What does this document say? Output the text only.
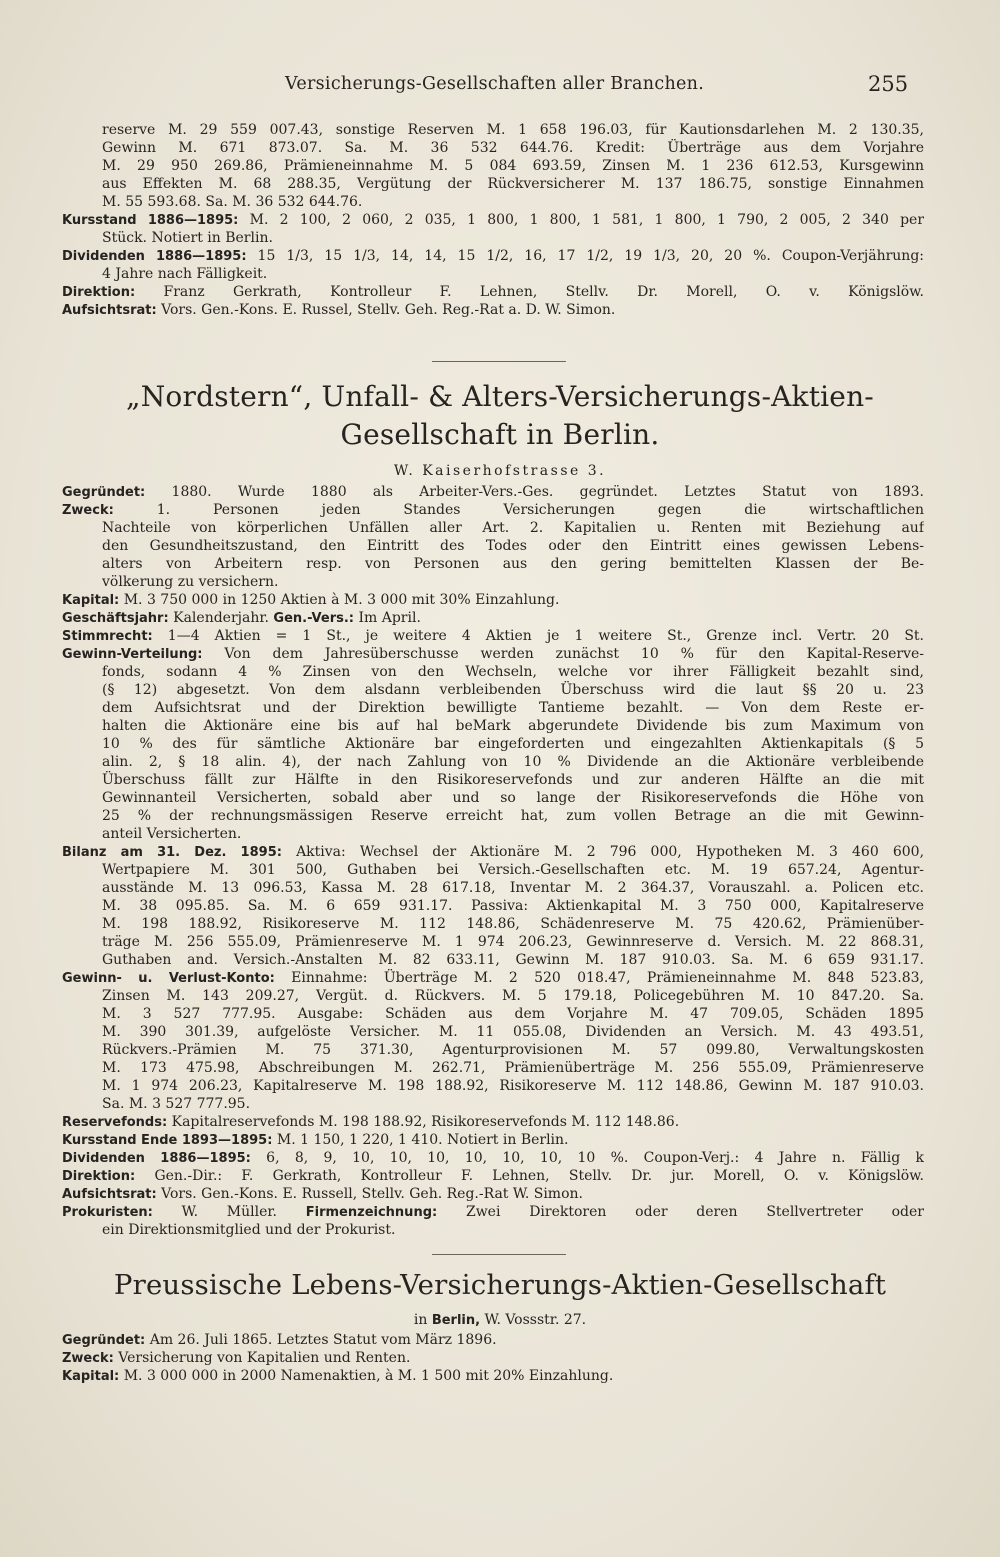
Versicherungs-Gesellschaften aller Branchen.	255
reserve M. 29 559 007.43, sonstige Reserven M. 1 658 196.03, für Kautionsdarlehen M. 2 130.35,
Gewinn M. 671 873.07. Sa. M. 36 532 644.76. Kredit: Überträge aus dem Vorjahre
M. 29 950 269.86, Prämieneinnahme M. 5 084 693.59, Zinsen M. 1 236 612.53, Kursgewinn
aus Effekten M. 68 288.35, Vergütung der Rückversicherer M. 137 186.75, sonstige Einnahmen
M. 55 593.68. Sa. M. 36 532 644.76.
Kursstand 1886—1895: M. 2 100, 2 060, 2 035, 1 800, 1 800, 1 581, 1 800, 1 790, 2 005, 2 340 per
Stück. Notiert in Berlin.
Dividenden 1886—1895: 15 1/3, 15 1/3, 14, 14, 15 1/2, 16, 17 1/2, 19 1/3, 20, 20 %. Coupon-Verjährung:
4 Jahre nach Fälligkeit.
Direktion: Franz Gerkrath, Kontrolleur F. Lehnen, Stellv. Dr. Morell, O. v. Königslöw.
Aufsichtsrat: Vors. Gen.-Kons. E. Russel, Stellv. Geh. Reg.-Rat a. D. W. Simon.
„Nordstern“, Unfall- & Alters-Versicherungs-Aktien-
Gesellschaft in Berlin.
W. Kaiserhofstrasse 3.
Gegründet: 1880. Wurde 1880 als Arbeiter-Vers.-Ges. gegründet. Letztes Statut von 1893.
Zweck:	1. Personen jeden Standes Versicherungen gegen die wirtschaftlichen
Nachteile von körperlichen Unfällen aller Art. 2. Kapitalien u. Renten mit Beziehung auf
den Gesundheitszustand, den Eintritt des Todes oder den Eintritt eines gewissen Lebens-
alters von Arbeitern resp. von Personen aus den gering bemittelten Klassen der Be-
völkerung zu versichern.
Kapital: M. 3 750 000 in 1250 Aktien à M. 3 000 mit 30% Einzahlung.
Geschäftsjahr: Kalenderjahr. Gen.-Vers.: Im April.
Stimmrecht: 1—4 Aktien = 1 St., je weitere 4 Aktien je 1 weitere St., Grenze incl. Vertr. 20 St.
Gewinn-Verteilung: Von dem Jahresüberschusse werden zunächst 10 % für den Kapital-Reserve-
fonds, sodann 4 % Zinsen von den Wechseln, welche vor ihrer Fälligkeit bezahlt sind,
(§ 12) abgesetzt. Von dem alsdann verbleibenden Überschuss wird die laut §§ 20 u. 23
dem Aufsichtsrat und der Direktion bewilligte Tantieme bezahlt. — Von dem Reste er-
halten die Aktionäre eine bis auf hal beMark abgerundete Dividende bis zum Maximum von
10 % des für sämtliche Aktionäre bar eingeforderten und eingezahlten Aktienkapitals (§ 5
alin. 2, § 18 alin. 4), der nach Zahlung von 10 % Dividende an die Aktionäre verbleibende
Überschuss fällt zur Hälfte in den Risikoreservefonds und zur anderen Hälfte an die mit
Gewinnanteil Versicherten, sobald aber und so lange der Risikoreservefonds die Höhe von
25 % der rechnungsmässigen Reserve erreicht hat, zum vollen Betrage an die mit Gewinn-
anteil Versicherten.
Bilanz am 31. Dez. 1895: Aktiva: Wechsel der Aktionäre M. 2 796 000, Hypotheken M. 3 460 600,
Wertpapiere M. 301 500, Guthaben bei Versich.-Gesellschaften etc. M. 19 657.24, Agentur-
ausstände M. 13 096.53, Kassa M. 28 617.18, Inventar M. 2 364.37, Vorauszahl. a. Policen etc.
M. 38 095.85. Sa. M. 6 659 931.17. Passiva: Aktienkapital M. 3 750 000, Kapitalreserve
M. 198 188.92, Risikoreserve M. 112 148.86, Schädenreserve M. 75 420.62, Prämienüber-
träge M. 256 555.09, Prämienreserve M. 1 974 206.23, Gewinnreserve d. Versich. M. 22 868.31,
Guthaben and. Versich.-Anstalten M. 82 633.11, Gewinn M. 187 910.03. Sa. M. 6 659 931.17.
Gewinn- u. Verlust-Konto: Einnahme: Überträge M. 2 520 018.47, Prämieneinnahme M. 848 523.83,
Zinsen M. 143 209.27, Vergüt. d. Rückvers. M. 5 179.18, Policegebühren M. 10 847.20. Sa.
M. 3 527 777.95. Ausgabe: Schäden aus dem Vorjahre M. 47 709.05, Schäden 1895
M. 390 301.39, aufgelöste Versicher. M. 11 055.08, Dividenden an Versich. M. 43 493.51,
Rückvers.-Prämien M. 75 371.30, Agenturprovisionen M. 57 099.80, Verwaltungskosten
M. 173 475.98, Abschreibungen M. 262.71, Prämienüberträge M. 256 555.09, Prämienreserve
M. 1 974 206.23, Kapitalreserve M. 198 188.92, Risikoreserve M. 112 148.86, Gewinn M. 187 910.03.
Sa. M. 3 527 777.95.
Reservefonds: Kapitalreservefonds M. 198 188.92, Risikoreservefonds M. 112 148.86.
Kursstand Ende 1893—1895: M. 1 150, 1 220, 1 410. Notiert in Berlin.
Dividenden 1886—1895: 6, 8, 9, 10, 10, 10, 10, 10, 10, 10 %. Coupon-Verj.: 4 Jahre n. Fällig k
Direktion: Gen.-Dir.: F. Gerkrath, Kontrolleur F. Lehnen, Stellv. Dr. jur. Morell, O. v. Königslöw.
Aufsichtsrat: Vors. Gen.-Kons. E. Russell, Stellv. Geh. Reg.-Rat W. Simon.
Prokuristen: W. Müller. Firmenzeichnung: Zwei Direktoren oder deren Stellvertreter oder
ein Direktionsmitglied und der Prokurist.
Preussische Lebens-Versicherungs-Aktien-Gesellschaft
in Berlin, W. Vossstr. 27.
Gegründet: Am 26. Juli 1865. Letztes Statut vom März 1896.
Zweck: Versicherung von Kapitalien und Renten.
Kapital: M. 3 000 000 in 2000 Namenaktien, à M. 1 500 mit 20% Einzahlung.
